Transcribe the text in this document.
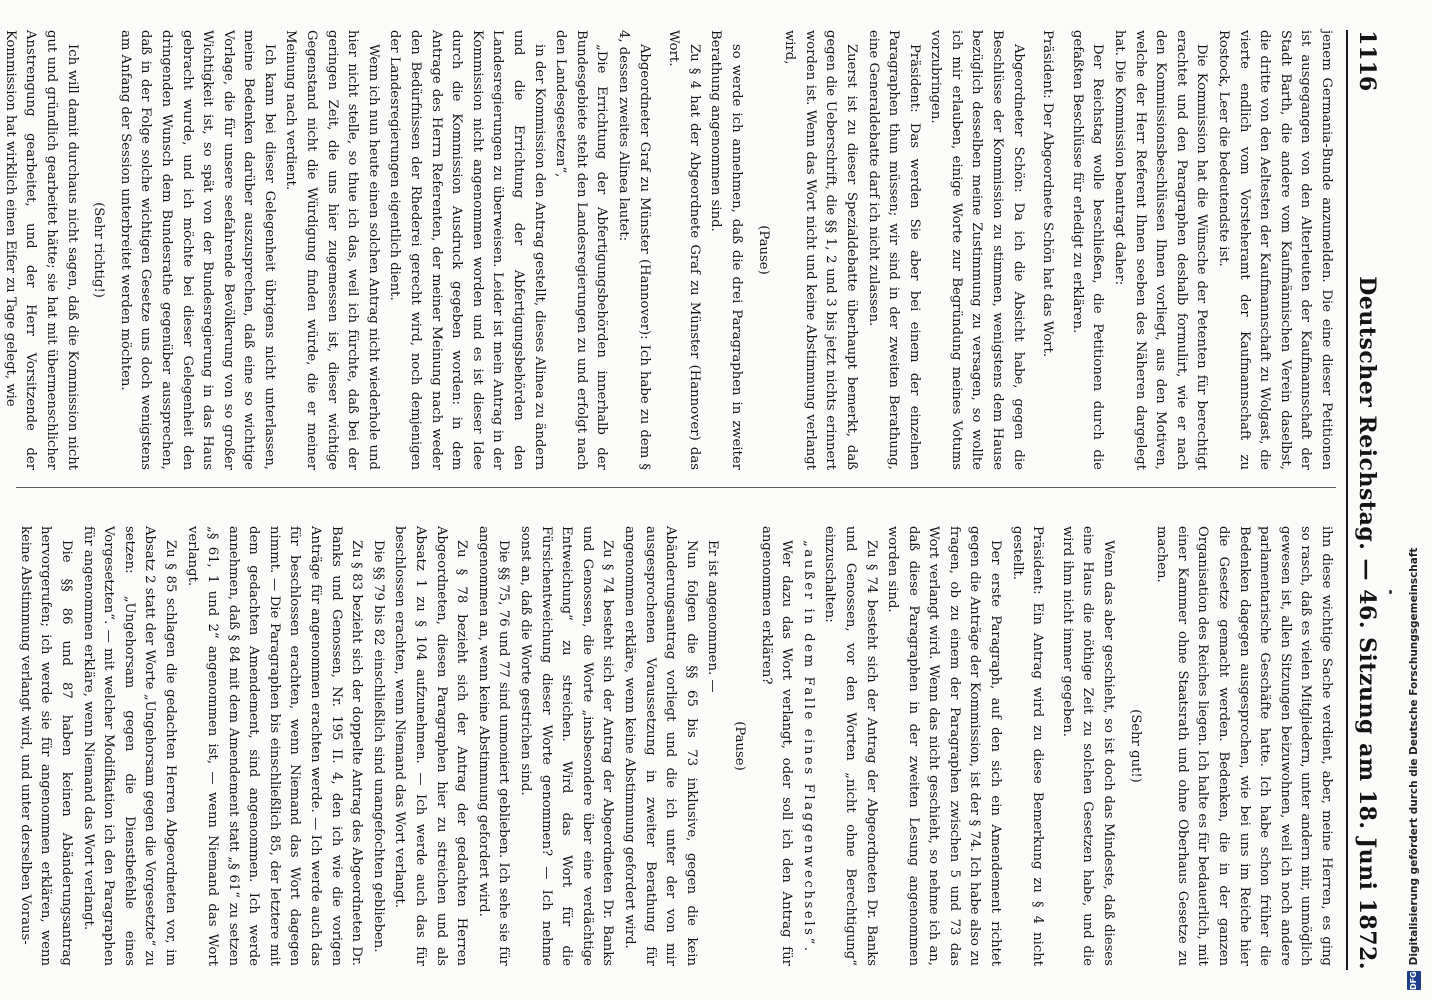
1116
Deutscher Reichstag. — 46. Sitzung am 18. Juni 1872.

jenem Germania-Bunde anzumelden. Die eine dieser Petitionen ist ausgegangen von den Alterleuten der Kaufmannschaft der Stadt Barth, die andere vom Kaufmännischen Verein daselbst, die dritte von den Aeltesten der Kaufmannschaft zu Wolgast, die vierte endlich vom Vorsteheramt der Kaufmannschaft zu Rostock, Leer die bedeutendste ist.

Die Kommission hat die Wünsche der Petenten für berechtigt erachtet und den Paragraphen deshalb formulirt, wie er nach den Kommissionsbeschlüssen Ihnen vorliegt, aus den Motiven, welche der Herr Referent Ihnen soeben des Näheren dargelegt hat. Die Kommission beantragt daher:

Der Reichstag wolle beschließen, die Petitionen durch die gefaßten Beschlüsse für erledigt zu erklären.

Präsident: Der Abgeordnete Schön hat das Wort.

Abgeordneter Schön: Da ich die Absicht habe, gegen die Beschlüsse der Kommission zu stimmen, wenigstens dem Hause bezüglich desselben meine Zustimmung zu versagen, so wollte ich mir erlauben, einige Worte zur Begründung meines Votums vorzubringen.

Präsident: Das werden Sie aber bei einem der einzelnen Paragraphen thun müssen; wir sind in der zweiten Berathung, eine Generaldebatte darf ich nicht zulassen.

Zuerst ist zu dieser Spezialdebatte überhaupt bemerkt, daß gegen die Ueberschrift, die §§ 1, 2 und 3 bis jetzt nichts erinnert worden ist. Wenn das Wort nicht und keine Abstimmung verlangt wird,

(Pause)

so werde ich annehmen, daß die drei Paragraphen in zweiter Berathung angenommen sind.

Zu § 4 hat der Abgeordnete Graf zu Münster (Hannover) das Wort.

Abgeordneter Graf zu Münster (Hannover): Ich habe zu dem § 4, dessen zweites Alinea lautet:

„Die Errichtung der Abfertigungsbehörden innerhalb der Bundesgebiete steht den Landesregierungen zu und erfolgt nach den Landesgesetzen“,

in der Kommission den Antrag gestellt, dieses Alinea zu ändern und die Errichtung der Abfertigungsbehörden den Landesregierungen zu überweisen. Leider ist mein Antrag in der Kommission nicht angenommen worden und es ist dieser Idee durch die Kommission Ausdruck gegeben worden: in dem Antrage des Herrn Referenten, der meiner Meinung nach weder den Bedürfnissen der Rhederei gerecht wird, noch demjenigen der Landesregierungen eigentlich dient.

Wenn ich nun heute einen solchen Antrag nicht wiederhole und hier nicht stelle, so thue ich das, weil ich fürchte, daß bei der geringen Zeit, die uns hier zugemessen ist, dieser wichtige Gegenstand nicht die Würdigung finden würde, die er meiner Meinung nach verdient.

Ich kann bei dieser Gelegenheit übrigens nicht unterlassen, meine Bedenken darüber auszusprechen, daß eine so wichtige Vorlage, die für unsere seefahrende Bevölkerung von so großer Wichtigkeit ist, so spät von der Bundesregierung in das Haus gebracht wurde, und ich möchte bei dieser Gelegenheit den dringenden Wunsch dem Bundesrathe gegenüber aussprechen, daß in der Folge solche wichtigen Gesetze uns doch wenigstens am Anfang der Session unterbreitet werden möchten.

(Sehr richtig!)

Ich will damit durchaus nicht sagen, daß die Kommission nicht gut und gründlich gearbeitet hätte; sie hat mit übermenschlicher Anstrengung gearbeitet, und der Herr Vorsitzende der Kommission hat wirklich einen Eifer zu Tage gelegt, wie

ihn diese wichtige Sache verdient, aber, meine Herren, es ging so rasch, daß es vielen Mitgliedern, unter andern mir, unmöglich gewesen ist, allen Sitzungen beizuwohnen, weil ich noch andere parlamentarische Geschäfte hatte. Ich habe schon früher die Bedenken dagegen ausgesprochen, wie bei uns im Reiche hier die Gesetze gemacht werden. Bedenken, die in der ganzen Organisation des Reiches liegen. Ich halte es für bedauerlich, mit einer Kammer ohne Staatsrath und ohne Oberhaus Gesetze zu machen.

(Sehr gut!)

Wenn das aber geschieht, so ist doch das Mindeste, daß dieses eine Haus die nöthige Zeit zu solchen Gesetzen habe, und die wird ihm nicht immer gegeben.

Präsident: Ein Antrag wird zu diese Bemerkung zu § 4 nicht gestellt.

Der erste Paragraph, auf den sich ein Amendement richtet gegen die Anträge der Kommission, ist der § 74. Ich habe also zu fragen, ob zu einem der Paragraphen zwischen 5 und 73 das Wort verlangt wird. Wenn das nicht geschieht, so nehme ich an, daß diese Paragraphen in der zweiten Lesung angenommen worden sind.

Zu § 74 besteht sich der Antrag der Abgeordneten Dr. Banks und Genossen, vor den Worten „nicht ohne Berechtigung“ einzuschalten:

„außer in dem Falle eines Flaggenwechsels“.

Wer dazu das Wort verlangt, oder soll ich den Antrag für angenommen erklären?

(Pause)

Er ist angenommen. —

Nun folgen die §§ 65 bis 73 inklusive, gegen die kein Abänderungsantrag vorliegt und die ich unter der von mir ausgesprochenen Voraussetzung in zweiter Berathung für angenommen erkläre, wenn keine Abstimmung gefordert wird.

Zu § 74 besteht sich der Antrag der Abgeordneten Dr. Banks und Genossen, die Worte „insbesondere über eine verdächtige Entweichung“ zu streichen. Wird das Wort für die Fürsichentweichung dieser Worte genommen? — Ich nehme sonst an, daß die Worte gestrichen sind.

Die §§ 75, 76 und 77 sind unmoniert geblieben. Ich sehe sie für angenommen an, wenn keine Abstimmung gefordert wird.

Zu § 78 bezieht sich der Antrag der gedachten Herren Abgeordneten, diesen Paragraphen hier zu streichen und als Absatz 1 zu § 104 aufzunehmen. — Ich werde auch das für beschlossen erachten, wenn Niemand das Wort verlangt.

Die §§ 79 bis 82 einschließlich sind unangefochten geblieben.

Zu § 83 bezieht sich der doppelte Antrag des Abgeordneten Dr. Banks und Genossen, Nr. 195 II. 4, den ich wie die vorigen Anträge für angenommen erachten werde. — Ich werde auch das für beschlossen erachten, wenn Niemand das Wort dagegen nimmt. — Die Paragraphen bis einschließlich 85, der letztere mit dem gedachten Amendement, sind angenommen. Ich werde annehmen, daß § 84 mit dem Amendement statt „§ 61“ zu setzen „§ 61, 1 und 2“ angenommen ist, — wenn Niemand das Wort verlangt.

Zu § 85 schlagen die gedachten Herren Abgeordneten vor, im Absatz 2 statt der Worte „Ungehorsam gegen die Vorgesetzte“ zu setzen: „Ungehorsam gegen die Dienstbefehle eines Vorgesetzten“. — mit welcher Modifikation ich den Paragraphen für angenommen erkläre, wenn Niemand das Wort verlangt.

Die §§ 86 und 87 haben keinen Abänderungsantrag hervorgerufen; ich werde sie für angenommen erklären, wenn keine Abstimmung verlangt wird, und unter derselben Voraus-

DFG
Digitalisierung gefördert durch die Deutsche Forschungsgemeinschaft
